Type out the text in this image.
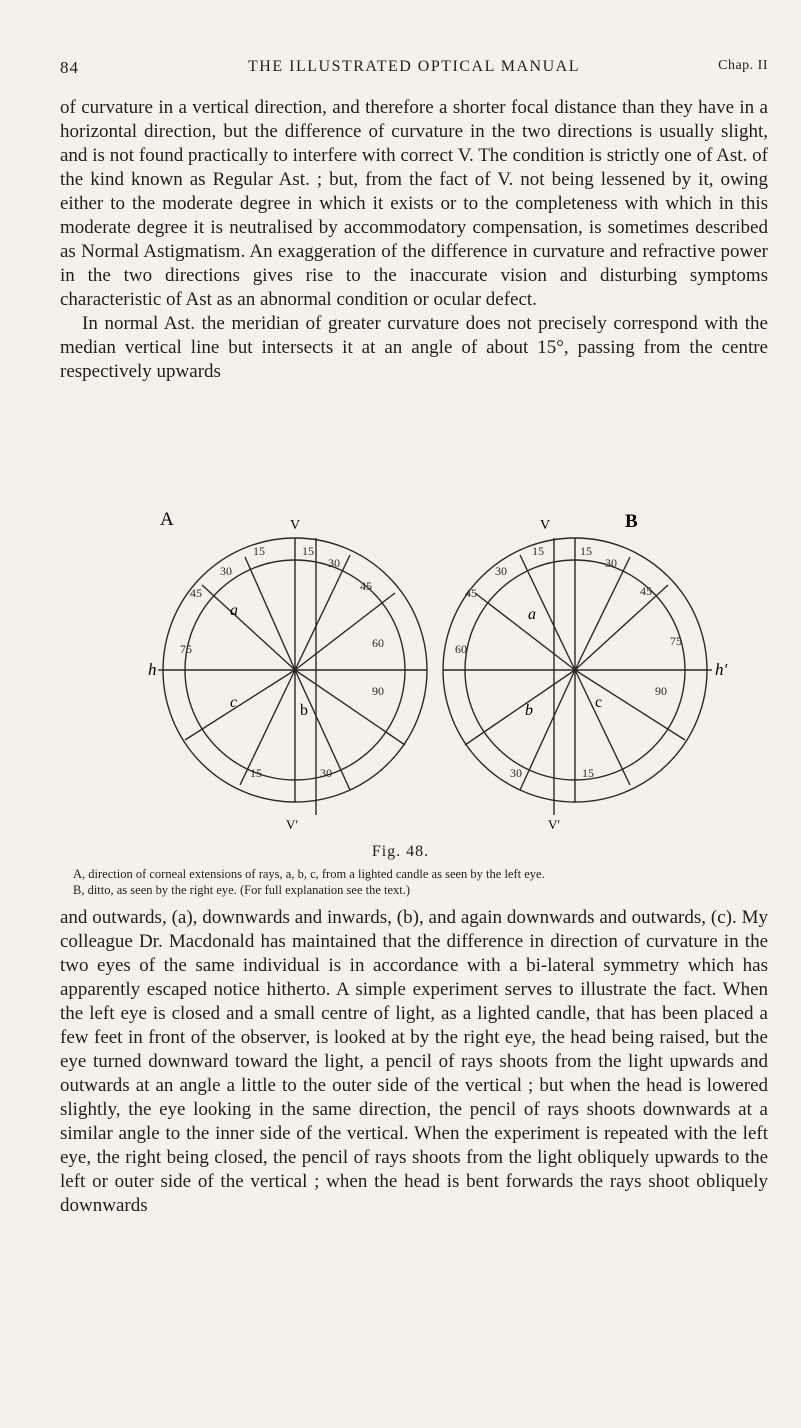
84	THE ILLUSTRATED OPTICAL MANUAL	Chap. II

of curvature in a vertical direction, and therefore a shorter focal distance than they have in a horizontal direction, but the difference of curvature in the two directions is usually slight, and is not found practically to interfere with correct V. The condition is strictly one of Ast. of the kind known as Regular Ast. ; but, from the fact of V. not being lessened by it, owing either to the moderate degree in which it exists or to the completeness with which in this moderate degree it is neutralised by accommodatory compensation, is sometimes described as Normal Astigmatism. An exaggeration of the difference in curvature and refractive power in the two directions gives rise to the inaccurate vision and disturbing symptoms characteristic of Ast as an abnormal condition or ocular defect.

In normal Ast. the meridian of greater curvature does not precisely correspond with the median vertical line but intersects it at an angle of about 15°, passing from the centre respectively upwards

A	B
V	V
h	h′
V′	V′
a
b
c
a
b	c
15	15
30
30
45
45
60
75
90
15	30
15	15
30
30
45
45
75
60
90
30	15
Fig. 48.
A, direction of corneal extensions of rays, a, b, c, from a lighted candle as seen by the left eye.
B, ditto, as seen by the right eye. (For full explanation see the text.)

and outwards, (a), downwards and inwards, (b), and again downwards and outwards, (c). My colleague Dr. Macdonald has maintained that the difference in direction of curvature in the two eyes of the same individual is in accordance with a bi-lateral symmetry which has apparently escaped notice hitherto. A simple experiment serves to illustrate the fact. When the left eye is closed and a small centre of light, as a lighted candle, that has been placed a few feet in front of the observer, is looked at by the right eye, the head being raised, but the eye turned downward toward the light, a pencil of rays shoots from the light upwards and outwards at an angle a little to the outer side of the vertical ; but when the head is lowered slightly, the eye looking in the same direction, the pencil of rays shoots downwards at a similar angle to the inner side of the vertical. When the experiment is repeated with the left eye, the right being closed, the pencil of rays shoots from the light obliquely upwards to the left or outer side of the vertical ; when the head is bent forwards the rays shoot obliquely downwards
